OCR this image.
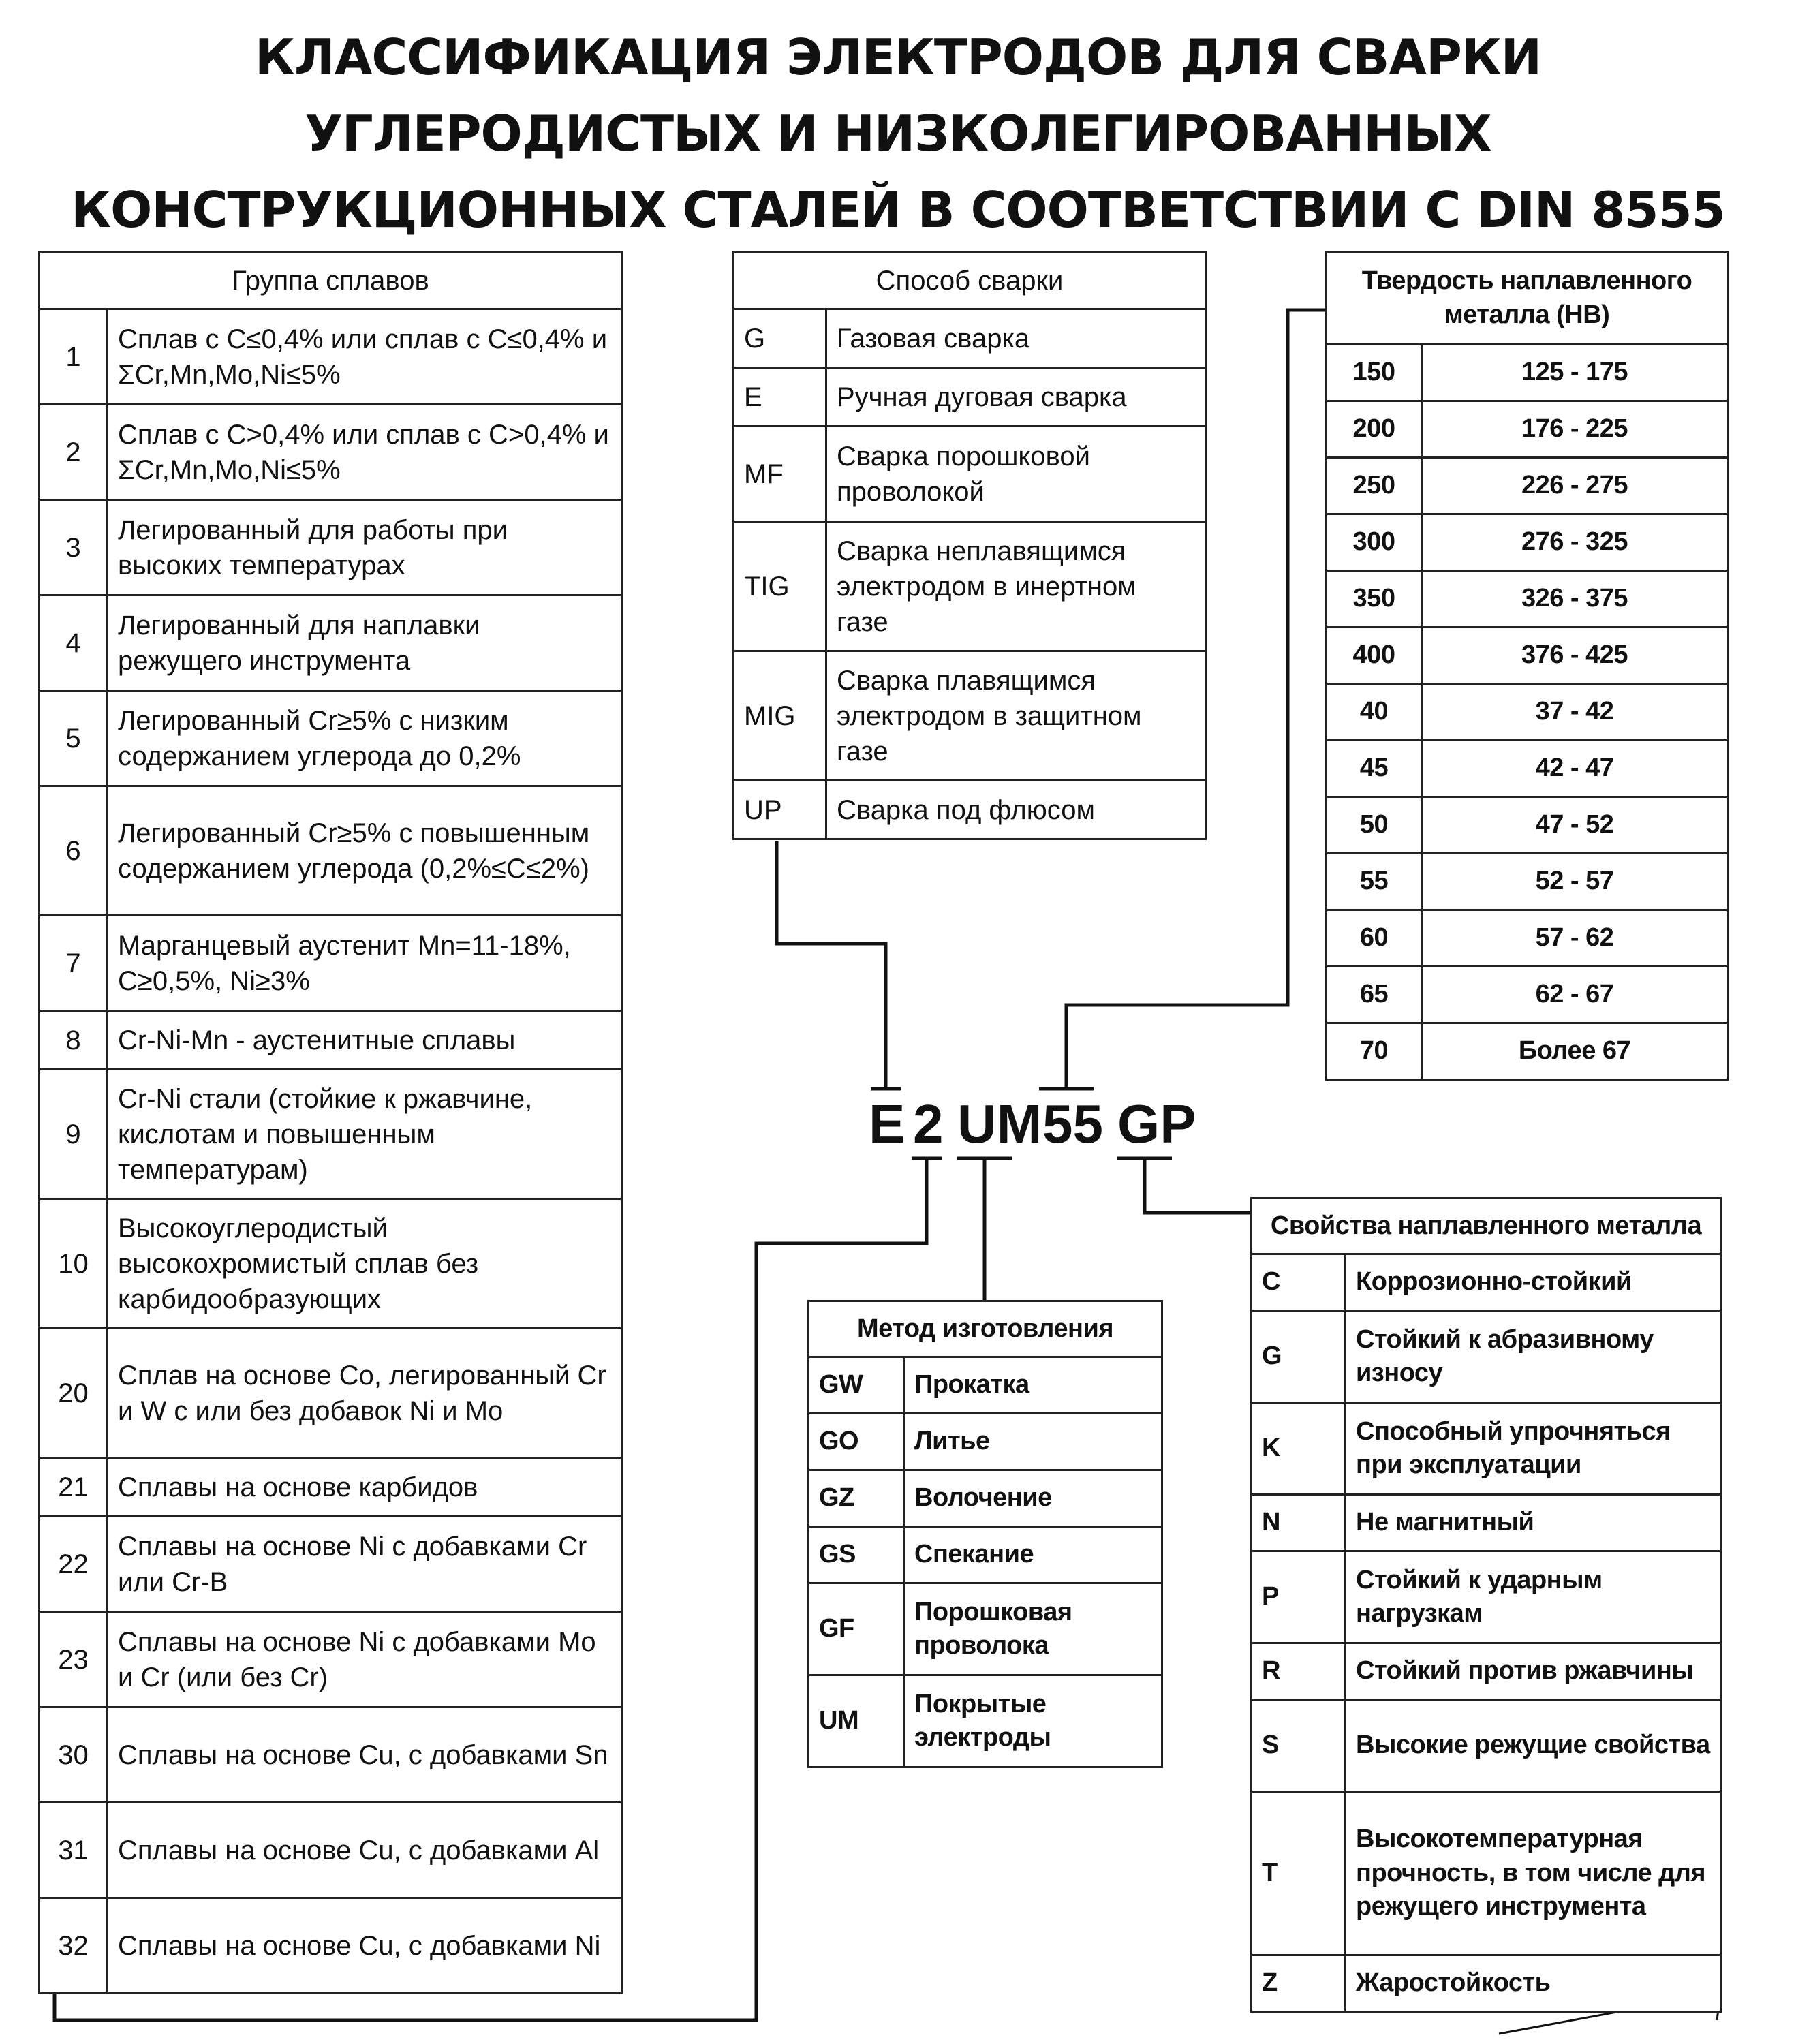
КЛАССИФИКАЦИЯ ЭЛЕКТРОДОВ ДЛЯ СВАРКИ
УГЛЕРОДИСТЫХ И НИЗКОЛЕГИРОВАННЫХ
КОНСТРУКЦИОННЫХ СТАЛЕЙ В СООТВЕТСТВИИ С DIN 8555
E 2 UM 55 GP
Группа сплавов	
1	Сплав с C≤0,4% или сплав с C≤0,4% и ΣCr,Mn,Mo,Ni≤5%
2	Сплав с C>0,4% или сплав с C>0,4% и ΣCr,Mn,Mo,Ni≤5%
3	Легированный для работы при высоких температурах
4	Легированный для наплавки режущего инструмента
5	Легированный Cr≥5% с низким содержанием углерода до 0,2%
6	Легированный Cr≥5% с повышенным содержанием углерода (0,2%≤C≤2%)
7	Марганцевый аустенит Mn=11-18%, C≥0,5%, Ni≥3%
8	Cr-Ni-Mn - аустенитные сплавы
9	Cr-Ni стали (стойкие к ржавчине, кислотам и повышенным температурам)
10	Высокоуглеродистый высокохромистый сплав без карбидообразующих
20	Сплав на основе Co, легированный Cr и W с или без добавок Ni и Mo
21	Сплавы на основе карбидов
22	Сплавы на основе Ni с добавками Cr или Cr-B
23	Сплавы на основе Ni с добавками Mo и Cr (или без Cr)
30	Сплавы на основе Cu, с добавками Sn
31	Сплавы на основе Cu, с добавками Al
32	Сплавы на основе Cu, с добавками Ni
Способ сварки	
G	Газовая сварка
E	Ручная дуговая сварка
MF	Сварка порошковой проволокой
TIG	Сварка неплавящимся электродом в инертном газе
MIG	Сварка плавящимся электродом в защитном газе
UP	Сварка под флюсом
Твердость наплавленного металла (HB)	
150	125 - 175
200	176 - 225
250	226 - 275
300	276 - 325
350	326 - 375
400	376 - 425
40	37 - 42
45	42 - 47
50	47 - 52
55	52 - 57
60	57 - 62
65	62 - 67
70	Более 67
Метод изготовления	
GW	Прокатка
GO	Литье
GZ	Волочение
GS	Спекание
GF	Порошковая проволока
UM	Покрытые электроды
Свойства наплавленного металла	
C	Коррозионно-стойкий
G	Стойкий к абразивному износу
K	Способный упрочняться при эксплуатации
N	Не магнитный
P	Стойкий к ударным нагрузкам
R	Стойкий против ржавчины
S	Высокие режущие свойства
T	Высокотемпературная прочность, в том числе для режущего инструмента
Z	Жаростойкость
